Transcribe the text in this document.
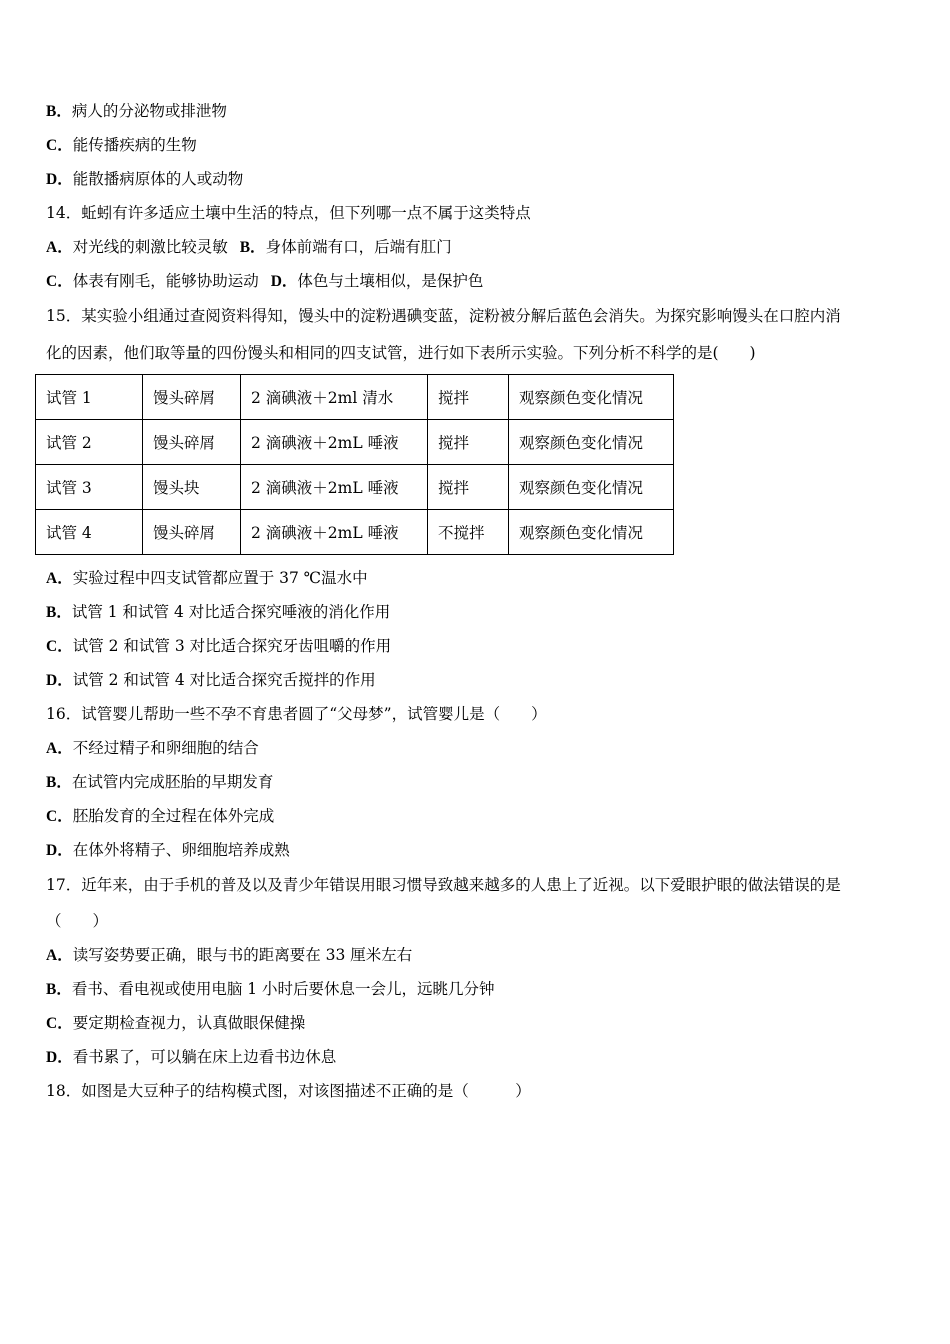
B．病人的分泌物或排泄物
C．能传播疾病的生物
D．能散播病原体的人或动物
14．蚯蚓有许多适应土壤中生活的特点，但下列哪一点不属于这类特点
A．对光线的刺激比较灵敏 B．身体前端有口，后端有肛门
C．体表有刚毛，能够协助运动 D．体色与土壤相似，是保护色
15．某实验小组通过查阅资料得知，馒头中的淀粉遇碘变蓝，淀粉被分解后蓝色会消失。为探究影响馒头在口腔内消
化的因素，他们取等量的四份馒头和相同的四支试管，进行如下表所示实验。下列分析不科学的是(　　)
试管 1	馒头碎屑	2 滴碘液＋2ml 清水	搅拌	观察颜色变化情况
试管 2	馒头碎屑	2 滴碘液＋2mL 唾液	搅拌	观察颜色变化情况
试管 3	馒头块	2 滴碘液＋2mL 唾液	搅拌	观察颜色变化情况
试管 4	馒头碎屑	2 滴碘液＋2mL 唾液	不搅拌	观察颜色变化情况
A．实验过程中四支试管都应置于 37 ℃温水中
B．试管 1 和试管 4 对比适合探究唾液的消化作用
C．试管 2 和试管 3 对比适合探究牙齿咀嚼的作用
D．试管 2 和试管 4 对比适合探究舌搅拌的作用
16．试管婴儿帮助一些不孕不育患者圆了“父母梦”，试管婴儿是（　　）
A．不经过精子和卵细胞的结合
B．在试管内完成胚胎的早期发育
C．胚胎发育的全过程在体外完成
D．在体外将精子、卵细胞培养成熟
17．近年来，由于手机的普及以及青少年错误用眼习惯导致越来越多的人患上了近视。以下爱眼护眼的做法错误的是
（　　）
A．读写姿势要正确，眼与书的距离要在 33 厘米左右
B．看书、看电视或使用电脑 1 小时后要休息一会儿，远眺几分钟
C．要定期检查视力，认真做眼保健操
D．看书累了，可以躺在床上边看书边休息
18．如图是大豆种子的结构模式图，对该图描述不正确的是（　　　）
